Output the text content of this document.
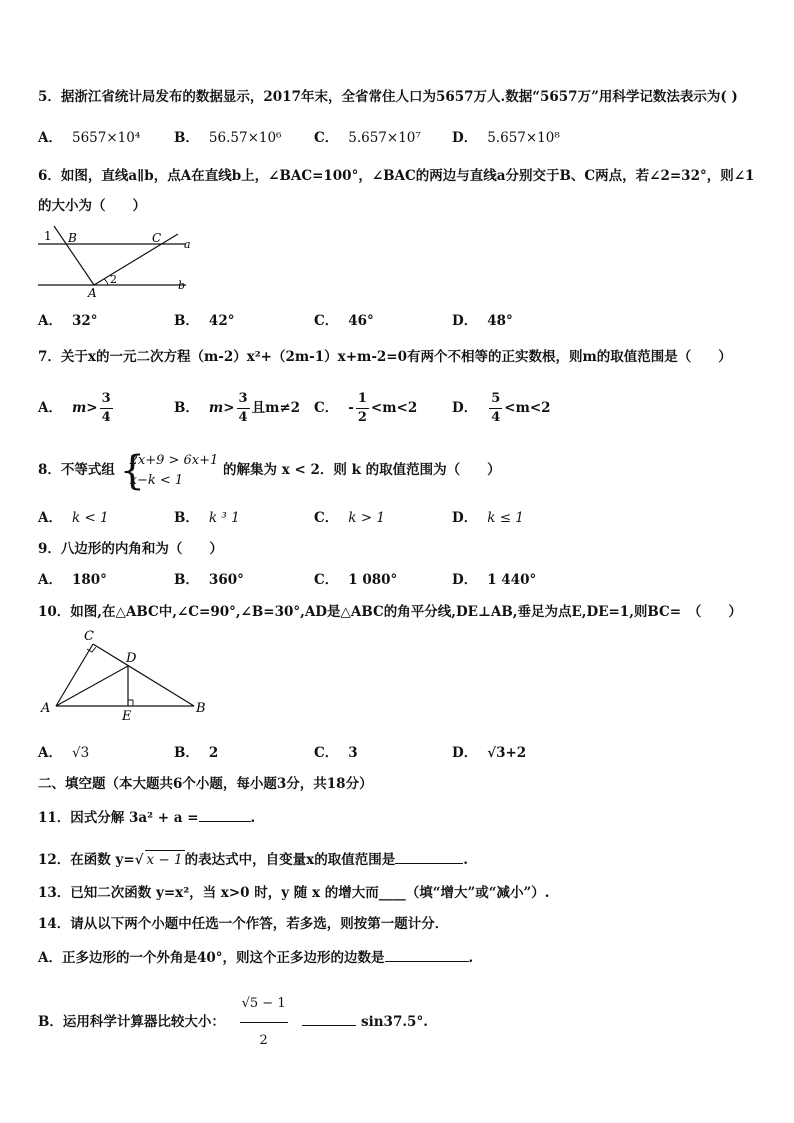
5．据浙江省统计局发布的数据显示，2017年末，全省常住人口为5657万人.数据“5657万”用科学记数法表示为( )
A． 5657×10⁴	B． 56.57×10⁶ C． 5.657×10⁷ D． 5.657×10⁸
6．如图，直线a∥b，点A在直线b上，∠BAC=100°，∠BAC的两边与直线a分别交于B、C两点，若∠2=32°，则∠1
的大小为（　　）
1 B	C a
A
2	b
A． 32°	B． 42°	C． 46°	D． 48°
7．关于x的一元二次方程（m-2）x²+（2m-1）x+m-2=0有两个不相等的正实数根，则m的取值范围是（　　）
A． $m> \frac{3}{4}$	B． $m> \frac{3}{4}$ 且m≠2 C． - $\frac{1}{2} <m<2$	D． $\frac{5}{4} <m<2$
8．不等式组 {
2x+9 > 6x+1
x−k < 1
的解集为 x < 2．则 k 的取值范围为（　　）
A． k < 1	B． k ³ 1	C． k > 1	D． k ≤ 1
9．八边形的内角和为（　　）
A． 180°	B． 360°	C． 1 080°	D． 1 440°
10．如图,在△ABC中,∠C=90°,∠B=30°,AD是△ABC的角平分线,DE⊥AB,垂足为点E,DE=1,则BC=　（　　）
C
D
A
E
B
A． √3	B． 2	C． 3	D． √3+2
二、填空题（本大题共6个小题，每小题3分，共18分）
11．因式分解 3a² + a =	.
12．在函数 y=√ x − 1 的表达式中，自变量x的取值范围是	.
13．已知二次函数 y=x²，当 x>0 时，y 随 x 的增大而____（填“增大”或“减小”）.
14．请从以下两个小题中任选一个作答，若多选，则按第一题计分．
A．正多边形的一个外角是40°，则这个正多边形的边数是	.
B．运用科学计算器比较大小： $\frac{√5 - 1}{2}$	sin37.5°.
